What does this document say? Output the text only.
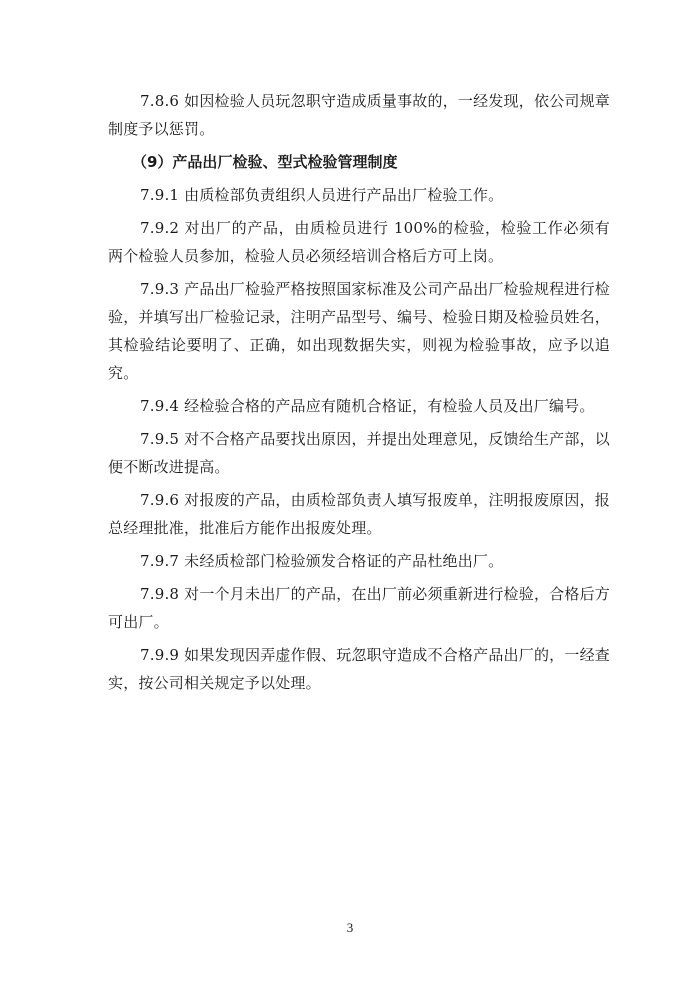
7.8.6 如因检验人员玩忽职守造成质量事故的，一经发现，依公司规章制度予以惩罚。

（9）产品出厂检验、型式检验管理制度

7.9.1 由质检部负责组织人员进行产品出厂检验工作。

7.9.2 对出厂的产品，由质检员进行 100%的检验，检验工作必须有两个检验人员参加，检验人员必须经培训合格后方可上岗。

7.9.3 产品出厂检验严格按照国家标准及公司产品出厂检验规程进行检验，并填写出厂检验记录，注明产品型号、编号、检验日期及检验员姓名，其检验结论要明了、正确，如出现数据失实，则视为检验事故，应予以追究。

7.9.4 经检验合格的产品应有随机合格证，有检验人员及出厂编号。

7.9.5 对不合格产品要找出原因，并提出处理意见，反馈给生产部，以便不断改进提高。

7.9.6 对报废的产品，由质检部负责人填写报废单，注明报废原因，报总经理批准，批准后方能作出报废处理。

7.9.7 未经质检部门检验颁发合格证的产品杜绝出厂。

7.9.8 对一个月未出厂的产品，在出厂前必须重新进行检验，合格后方可出厂。

7.9.9 如果发现因弄虚作假、玩忽职守造成不合格产品出厂的，一经查实，按公司相关规定予以处理。

3
